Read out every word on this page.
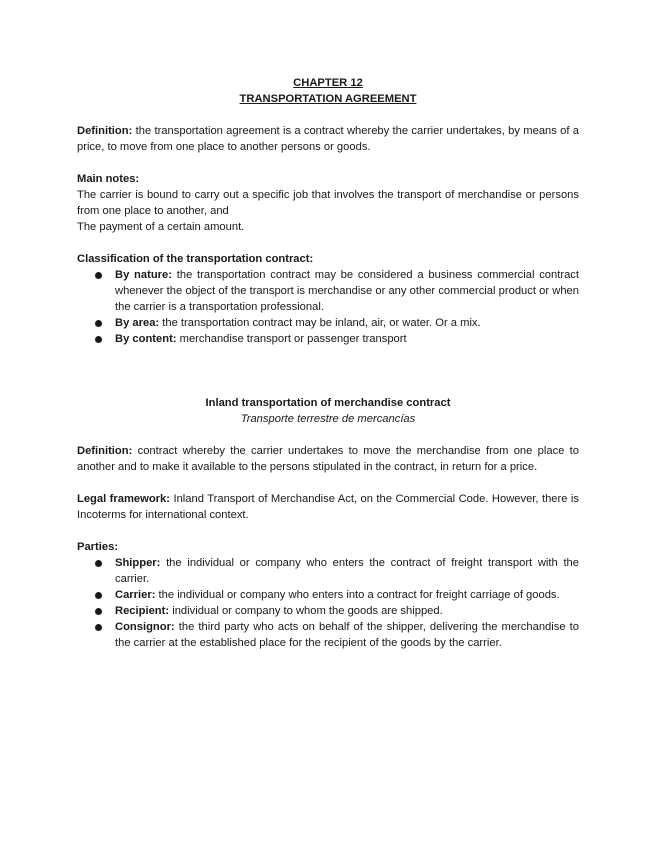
CHAPTER 12
TRANSPORTATION AGREEMENT

Definition: the transportation agreement is a contract whereby the carrier undertakes, by means of a price, to move from one place to another persons or goods.

Main notes:

The carrier is bound to carry out a specific job that involves the transport of merchandise or persons from one place to another, and

The payment of a certain amount.

Classification of the transportation contract:
By nature: the transportation contract may be considered a business commercial contract whenever the object of the transport is merchandise or any other commercial product or when the carrier is a transportation professional.
By area: the transportation contract may be inland, air, or water. Or a mix.
By content: merchandise transport or passenger transport
Inland transportation of merchandise contract
Transporte terrestre de mercancías

Definition: contract whereby the carrier undertakes to move the merchandise from one place to another and to make it available to the persons stipulated in the contract, in return for a price.

Legal framework: Inland Transport of Merchandise Act, on the Commercial Code. However, there is Incoterms for international context.

Parties:
Shipper: the individual or company who enters the contract of freight transport with the carrier.
Carrier: the individual or company who enters into a contract for freight carriage of goods.
Recipient: individual or company to whom the goods are shipped.
Consignor: the third party who acts on behalf of the shipper, delivering the merchandise to the carrier at the established place for the recipient of the goods by the carrier.
